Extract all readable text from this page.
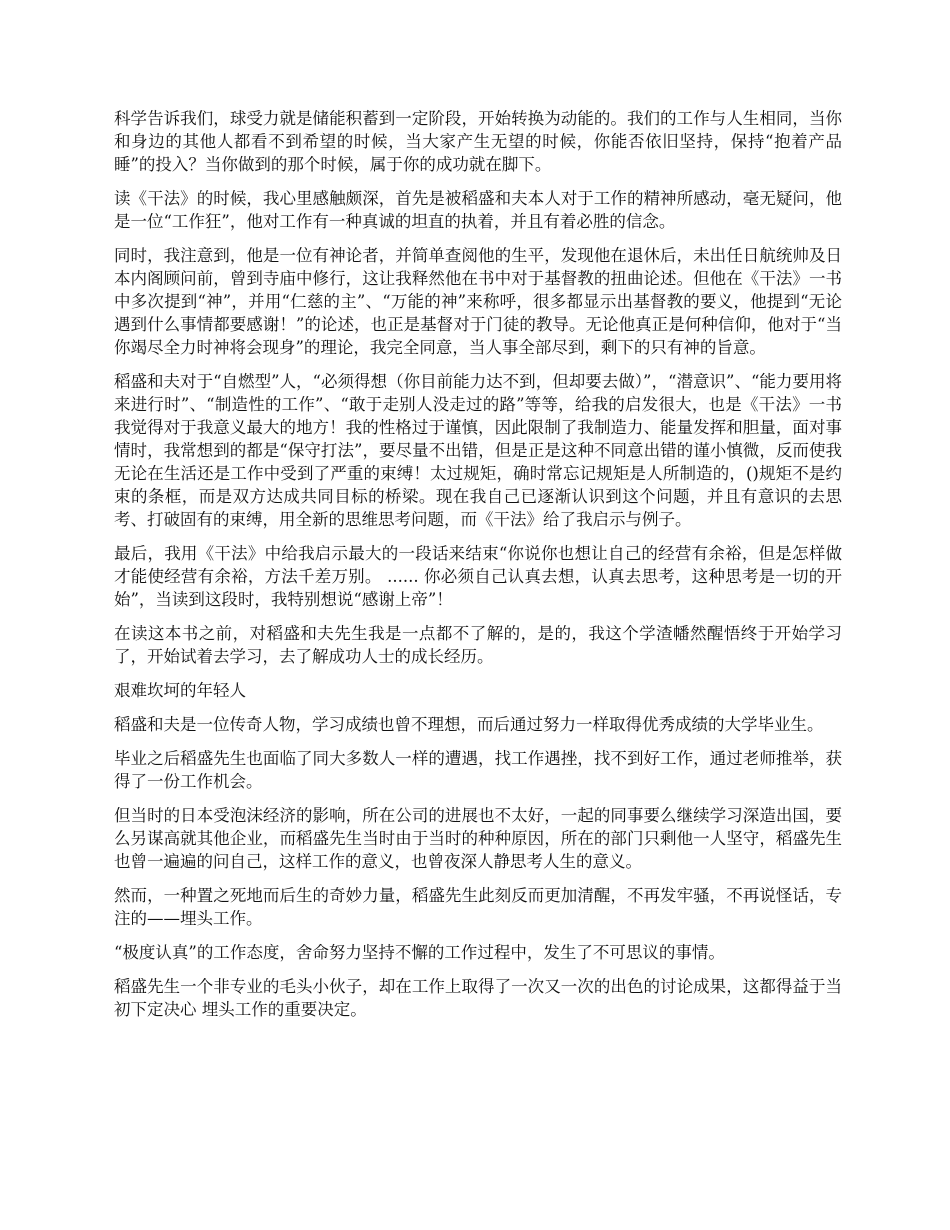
科学告诉我们，球受力就是储能积蓄到一定阶段，开始转换为动能的。我们的工作与人生相同，当你和身边的其他人都看不到希望的时候，当大家产生无望的时候，你能否依旧坚持，保持“抱着产品睡”的投入？当你做到的那个时候，属于你的成功就在脚下。

读《干法》的时候，我心里感触颇深，首先是被稻盛和夫本人对于工作的精神所感动，毫无疑问，他是一位“工作狂”，他对工作有一种真诚的坦直的执着，并且有着必胜的信念。

同时，我注意到，他是一位有神论者，并简单查阅他的生平，发现他在退休后，未出任日航统帅及日本内阁顾问前，曾到寺庙中修行，这让我释然他在书中对于基督教的扭曲论述。但他在《干法》一书中多次提到“神”，并用“仁慈的主”、“万能的神”来称呼，很多都显示出基督教的要义，他提到“无论遇到什么事情都要感谢！”的论述，也正是基督对于门徒的教导。无论他真正是何种信仰，他对于“当你竭尽全力时神将会现身”的理论，我完全同意，当人事全部尽到，剩下的只有神的旨意。

稻盛和夫对于“自燃型”人，“必须得想（你目前能力达不到，但却要去做）”，“潜意识”、“能力要用将来进行时”、“制造性的工作”、“敢于走别人没走过的路”等等，给我的启发很大，也是《干法》一书我觉得对于我意义最大的地方！我的性格过于谨慎，因此限制了我制造力、能量发挥和胆量，面对事情时，我常想到的都是“保守打法”，要尽量不出错，但是正是这种不同意出错的谨小慎微，反而使我无论在生活还是工作中受到了严重的束缚！太过规矩，确时常忘记规矩是人所制造的，()规矩不是约束的条框，而是双方达成共同目标的桥梁。现在我自己已逐渐认识到这个问题，并且有意识的去思考、打破固有的束缚，用全新的思维思考问题，而《干法》给了我启示与例子。

最后，我用《干法》中给我启示最大的一段话来结束“你说你也想让自己的经营有余裕，但是怎样做才能使经营有余裕，方法千差万别。 ...... 你必须自己认真去想，认真去思考，这种思考是一切的开始”，当读到这段时，我特别想说“感谢上帝”！

在读这本书之前，对稻盛和夫先生我是一点都不了解的，是的，我这个学渣幡然醒悟终于开始学习了，开始试着去学习，去了解成功人士的成长经历。

艰难坎坷的年轻人

稻盛和夫是一位传奇人物，学习成绩也曾不理想，而后通过努力一样取得优秀成绩的大学毕业生。

毕业之后稻盛先生也面临了同大多数人一样的遭遇，找工作遇挫，找不到好工作，通过老师推举，获得了一份工作机会。

但当时的日本受泡沫经济的影响，所在公司的进展也不太好，一起的同事要么继续学习深造出国，要么另谋高就其他企业，而稻盛先生当时由于当时的种种原因，所在的部门只剩他一人坚守，稻盛先生也曾一遍遍的问自己，这样工作的意义，也曾夜深人静思考人生的意义。

然而，一种置之死地而后生的奇妙力量，稻盛先生此刻反而更加清醒，不再发牢骚，不再说怪话，专注的——埋头工作。

“极度认真”的工作态度，舍命努力坚持不懈的工作过程中，发生了不可思议的事情。

稻盛先生一个非专业的毛头小伙子，却在工作上取得了一次又一次的出色的讨论成果，这都得益于当初下定决心 埋头工作的重要决定。
